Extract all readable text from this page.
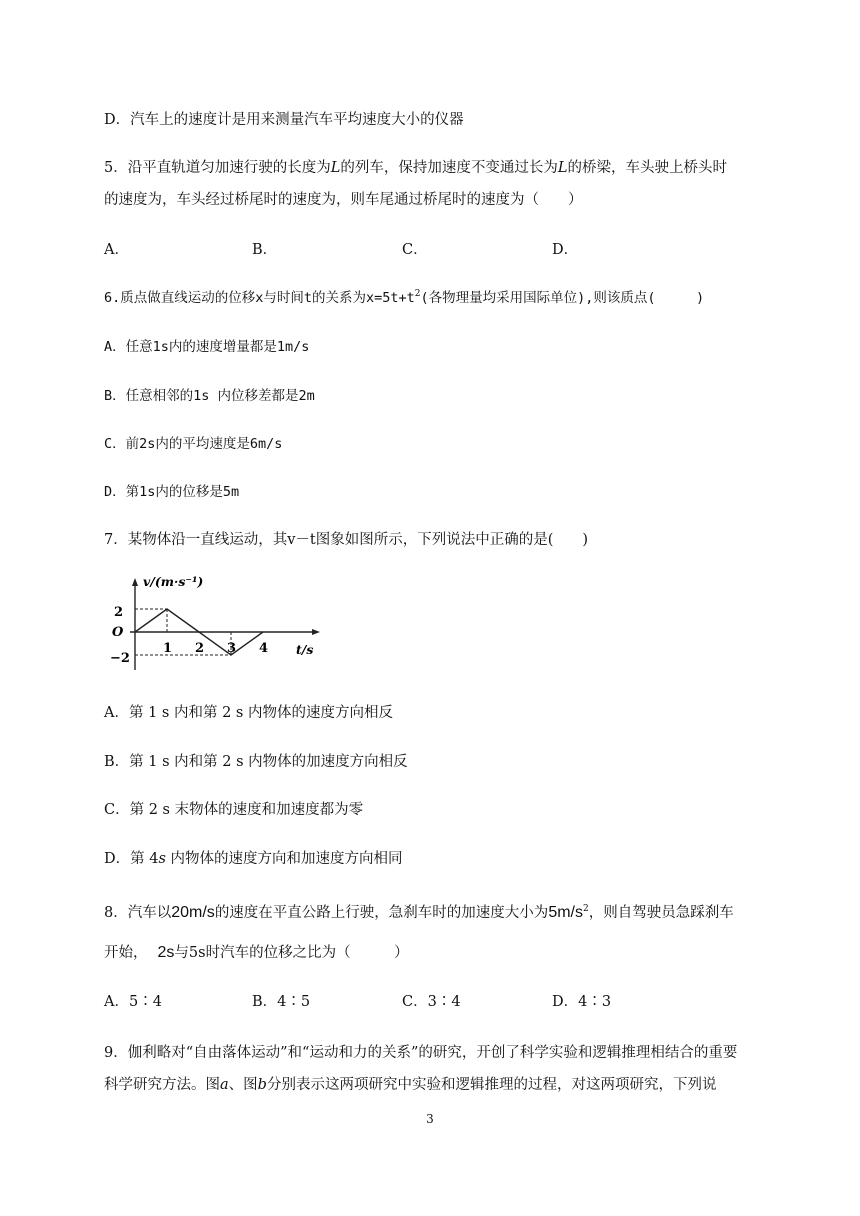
D．汽车上的速度计是用来测量汽车平均速度大小的仪器
5．沿平直轨道匀加速行驶的长度为L的列车，保持加速度不变通过长为L的桥梁，车头驶上桥头时
的速度为，车头经过桥尾时的速度为，则车尾通过桥尾时的速度为（　　）
A．	B．	C．	D．
6.质点做直线运动的位移x与时间t的关系为$x=5t+t^2$(各物理量均采用国际单位),则该质点(　　　)
A．任意1s内的速度增量都是1m/s
B．任意相邻的1s 内位移差都是2m
C．前2s内的平均速度是6m/s
D．第1s内的位移是5m
7．某物体沿一直线运动，其v－t图象如图所示，下列说法中正确的是(　　)
v/(m·s⁻¹)
O
2
−2
1 2 3 4 t/s
A．第 1 s 内和第 2 s 内物体的速度方向相反
B．第 1 s 内和第 2 s 内物体的加速度方向相反
C．第 2 s 末物体的速度和加速度都为零
D．第 4s 内物体的速度方向和加速度方向相同
8．汽车以20m/s的速度在平直公路上行驶，急刹车时的加速度大小为$5m/s^2$，则自驾驶员急踩刹车
开始， 2s与5s时汽车的位移之比为（　　　）
A．5∶4	B．4∶5	C．3∶4	D．4∶3
9．伽利略对“自由落体运动”和“运动和力的关系”的研究，开创了科学实验和逻辑推理相结合的重要
科学研究方法。图a、图b分别表示这两项研究中实验和逻辑推理的过程，对这两项研究，下列说
3
